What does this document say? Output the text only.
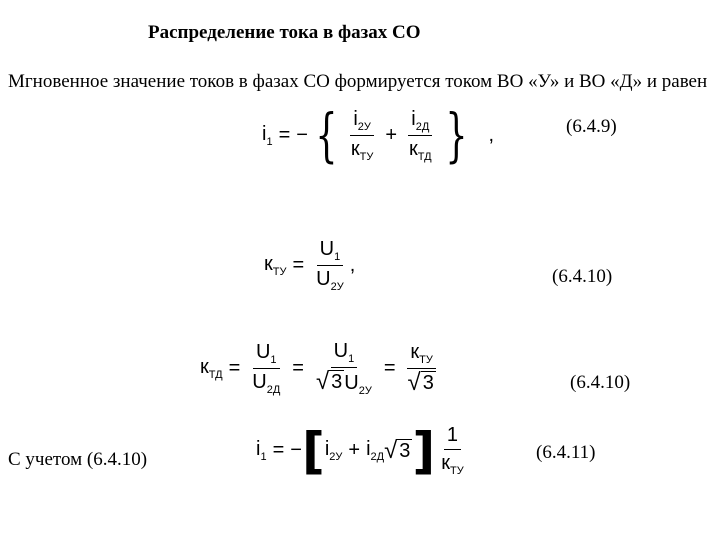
Распределение тока в фазах СО
Мгновенное значение токов в фазах СО формируется током ВО «У» и ВО «Д» и равен
$i_1$ = − { $\frac{i_{2У}}{к_{ТУ}} + \frac{i_{2Д}}{к_{ТД}}$ } ,	(6.4.9)
$к_{ТУ} = \frac{U_1}{U_{2У}}$ ,
(6.4.10)
$к_{ТД} = \frac{U_1}{U_{2Д}} = \frac{U_1}{√ 3 U_{2У}} = \frac{к_{ТУ}}{√ 3}$	(6.4.10)
С учетом (6.4.10)	$i_1$ = − [ $i_{2У} + i_{2Д}$ √ 3 ] $\frac{1}{к_{ТУ}}$	(6.4.11)
